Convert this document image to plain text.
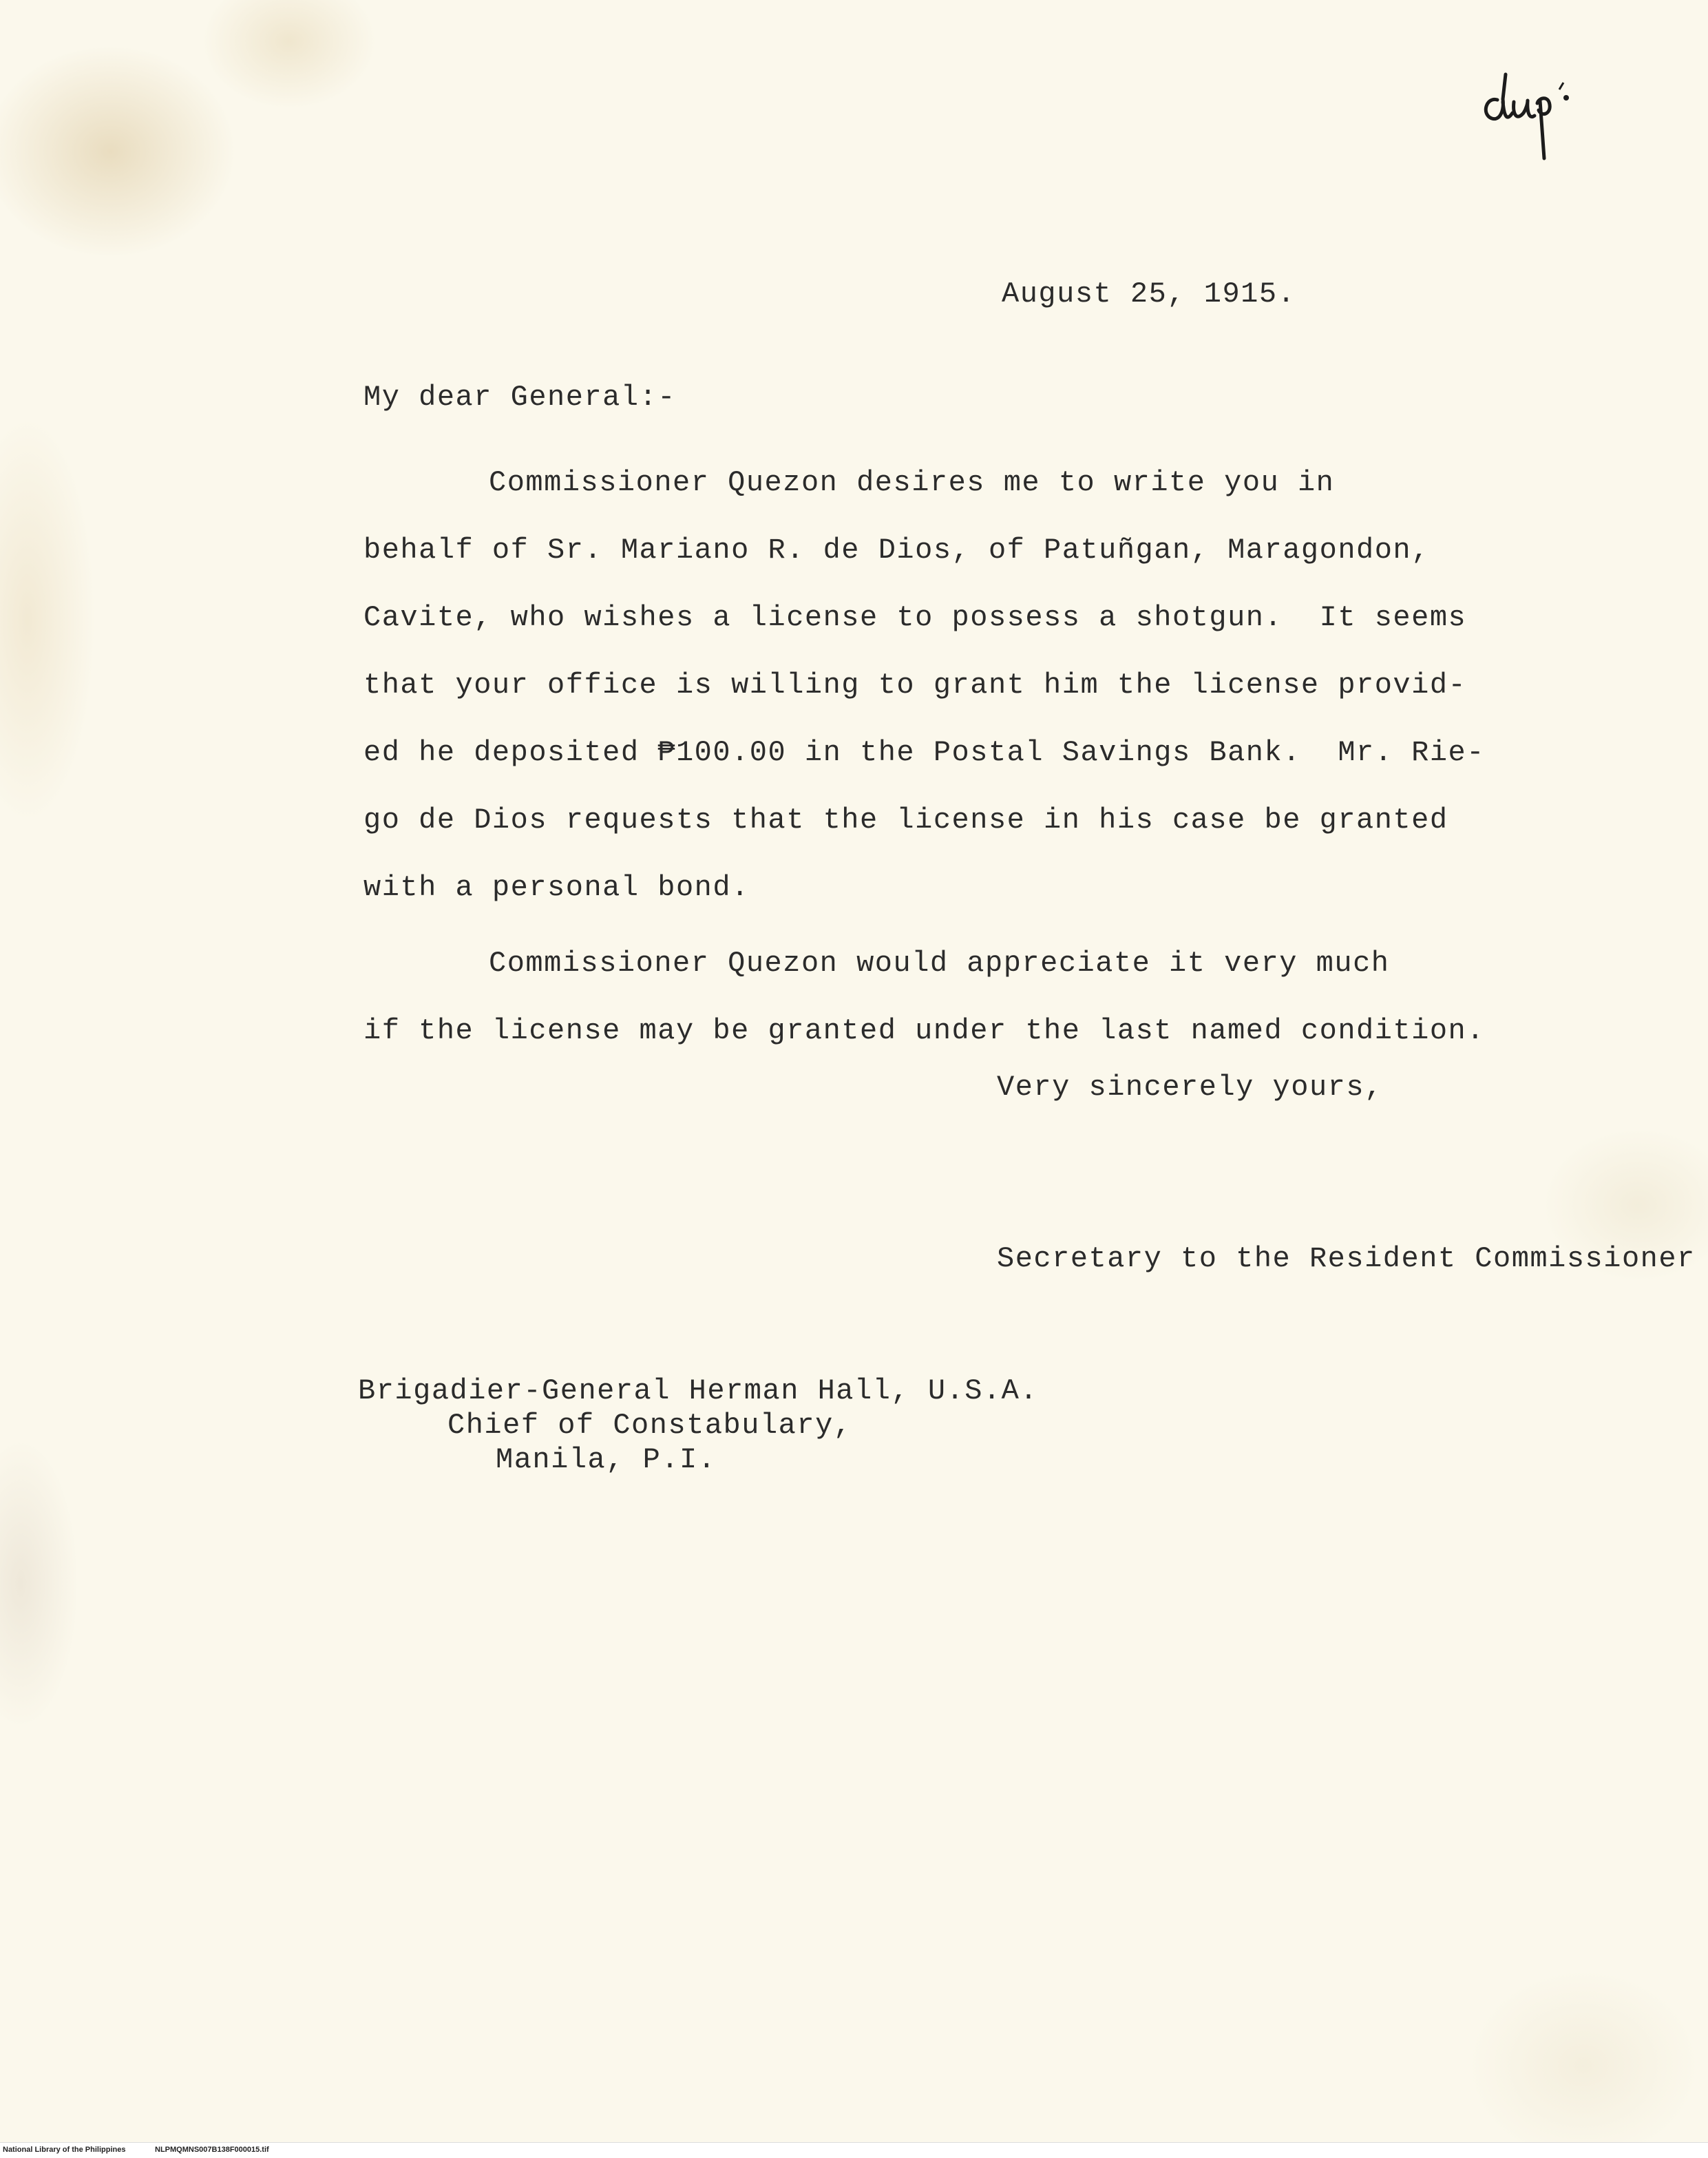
August 25, 1915.
My dear General:-
Commissioner Quezon desires me to write you in
behalf of Sr. Mariano R. de Dios, of Patuñgan, Maragondon,
Cavite, who wishes a license to possess a shotgun.  It seems
that your office is willing to grant him the license provid-
ed he deposited ₱100.00 in the Postal Savings Bank.  Mr. Rie-
go de Dios requests that the license in his case be granted
with a personal bond.
Commissioner Quezon would appreciate it very much
if the license may be granted under the last named condition.
Very sincerely yours,
Secretary to the Resident Commissioner
Brigadier-General Herman Hall, U.S.A.
Chief of Constabulary,
Manila, P.I.
National Library of the Philippines	NLPMQMNS007B138F000015.tif
